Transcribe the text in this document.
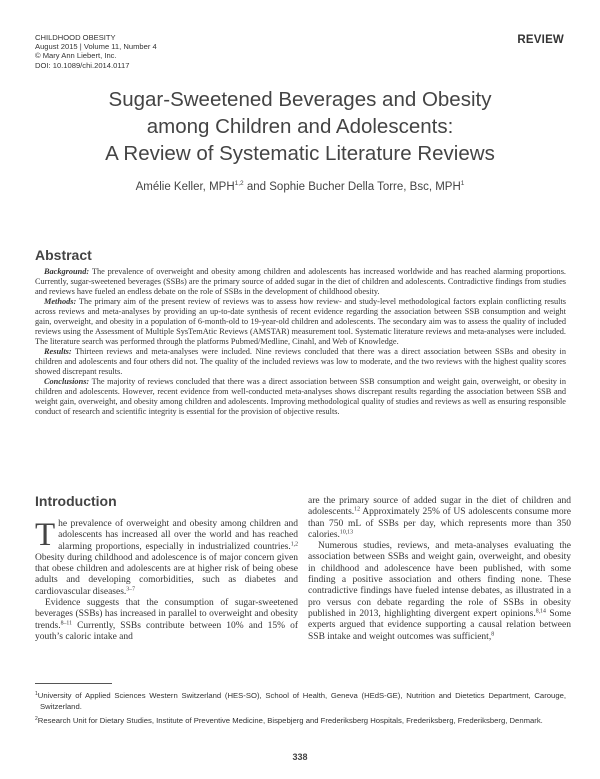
CHILDHOOD OBESITY
August 2015 | Volume 11, Number 4
© Mary Ann Liebert, Inc.
DOI: 10.1089/chi.2014.0117
REVIEW
Sugar-Sweetened Beverages and Obesity
among Children and Adolescents:
A Review of Systematic Literature Reviews
Amélie Keller, MPH$^{1,2}$ and Sophie Bucher Della Torre, Bsc, MPH$^1$
Abstract

Background: The prevalence of overweight and obesity among children and adolescents has increased worldwide and has reached alarming proportions. Currently, sugar-sweetened beverages (SSBs) are the primary source of added sugar in the diet of children and adolescents. Contradictive findings from studies and reviews have fueled an endless debate on the role of SSBs in the development of childhood obesity.

Methods: The primary aim of the present review of reviews was to assess how review- and study-level methodological factors explain conflicting results across reviews and meta-analyses by providing an up-to-date synthesis of recent evidence regarding the association between SSB consumption and weight gain, overweight, and obesity in a population of 6-month-old to 19-year-old children and adolescents. The secondary aim was to assess the quality of included reviews using the Assessment of Multiple SysTemAtic Reviews (AMSTAR) measurement tool. Systematic literature reviews and meta-analyses were included. The literature search was performed through the platforms Pubmed/Medline, Cinahl, and Web of Knowledge.

Results: Thirteen reviews and meta-analyses were included. Nine reviews concluded that there was a direct association between SSBs and obesity in children and adolescents and four others did not. The quality of the included reviews was low to moderate, and the two reviews with the highest quality scores showed discrepant results.

Conclusions: The majority of reviews concluded that there was a direct association between SSB consumption and weight gain, overweight, or obesity in children and adolescents. However, recent evidence from well-conducted meta-analyses shows discrepant results regarding the association between SSB and weight gain, overweight, and obesity among children and adolescents. Improving methodological quality of studies and reviews as well as ensuring responsible conduct of research and scientific integrity is essential for the provision of objective results.

Introduction

The prevalence of overweight and obesity among children and adolescents has increased all over the world and has reached alarming proportions, especially in industrialized countries.$^{1,2}$ Obesity during childhood and adolescence is of major concern given that obese children and adolescents are at higher risk of being obese adults and developing comorbidities, such as diabetes and cardiovascular diseases.$^{3-7}$

Evidence suggests that the consumption of sugar-sweetened beverages (SSBs) has increased in parallel to overweight and obesity trends.$^{8-11}$ Currently, SSBs contribute between 10% and 15% of youth’s caloric intake and

are the primary source of added sugar in the diet of children and adolescents.$^{12}$ Approximately 25% of US adolescents consume more than 750 mL of SSBs per day, which represents more than 350 calories.$^{10,13}$

Numerous studies, reviews, and meta-analyses evaluating the association between SSBs and weight gain, overweight, and obesity in childhood and adolescence have been published, with some finding a positive association and others finding none. These contradictive findings have fueled intense debates, as illustrated in a pro versus con debate regarding the role of SSBs in obesity published in 2013, highlighting divergent expert opinions.$^{8,14}$ Some experts argued that evidence supporting a causal relation between SSB intake and weight outcomes was sufficient,$^8$

$^1$University of Applied Sciences Western Switzerland (HES-SO), School of Health, Geneva (HEdS-GE), Nutrition and Dietetics Department, Carouge, Switzerland.

$^2$Research Unit for Dietary Studies, Institute of Preventive Medicine, Bispebjerg and Frederiksberg Hospitals, Frederiksberg, Frederiksberg, Denmark.

338
